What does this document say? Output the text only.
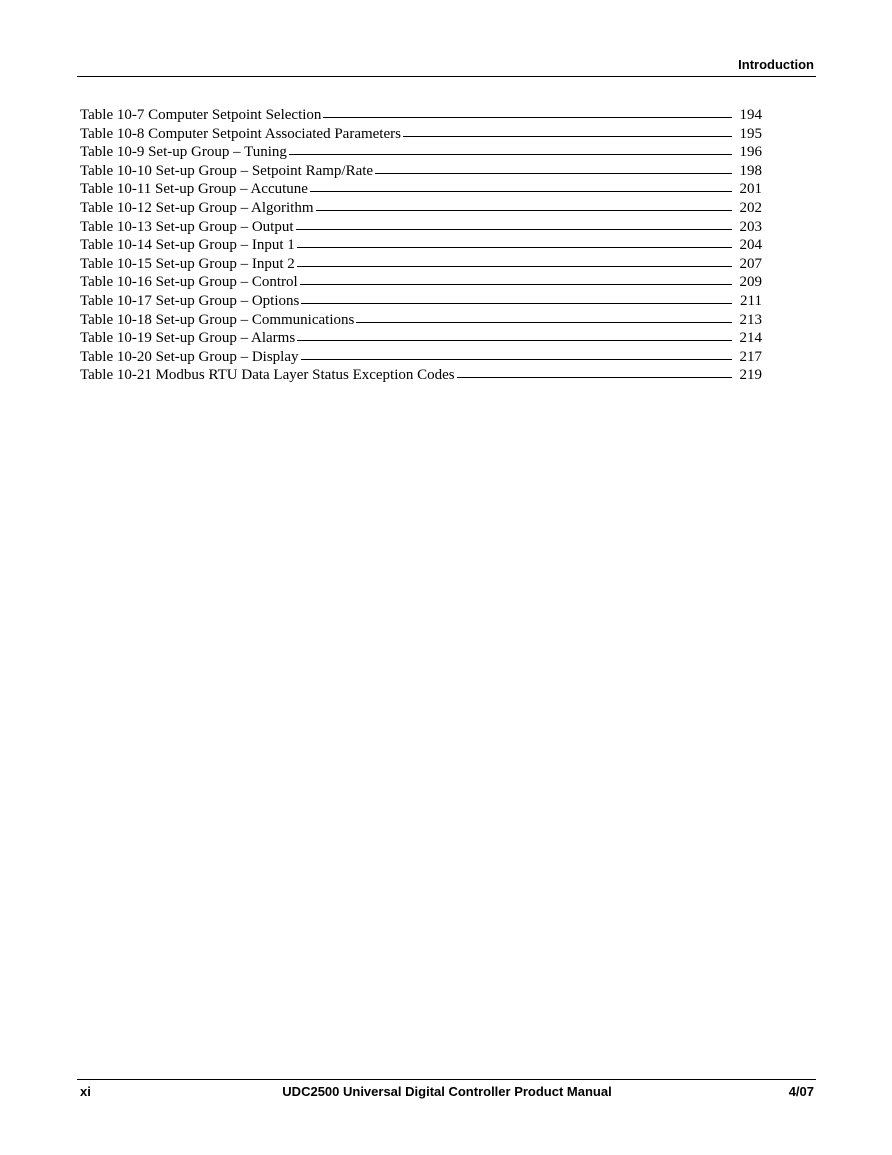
Introduction
Table 10-7 Computer Setpoint Selection	194
Table 10-8 Computer Setpoint Associated Parameters	195
Table 10-9 Set-up Group – Tuning	196
Table 10-10 Set-up Group – Setpoint Ramp/Rate	198
Table 10-11 Set-up Group – Accutune	201
Table 10-12 Set-up Group – Algorithm	202
Table 10-13 Set-up Group – Output	203
Table 10-14 Set-up Group – Input 1	204
Table 10-15 Set-up Group – Input 2	207
Table 10-16 Set-up Group – Control	209
Table 10-17 Set-up Group – Options	211
Table 10-18 Set-up Group – Communications	213
Table 10-19 Set-up Group – Alarms	214
Table 10-20 Set-up Group – Display	217
Table 10-21 Modbus RTU Data Layer Status Exception Codes	219
xi	UDC2500 Universal Digital Controller Product Manual	4/07
